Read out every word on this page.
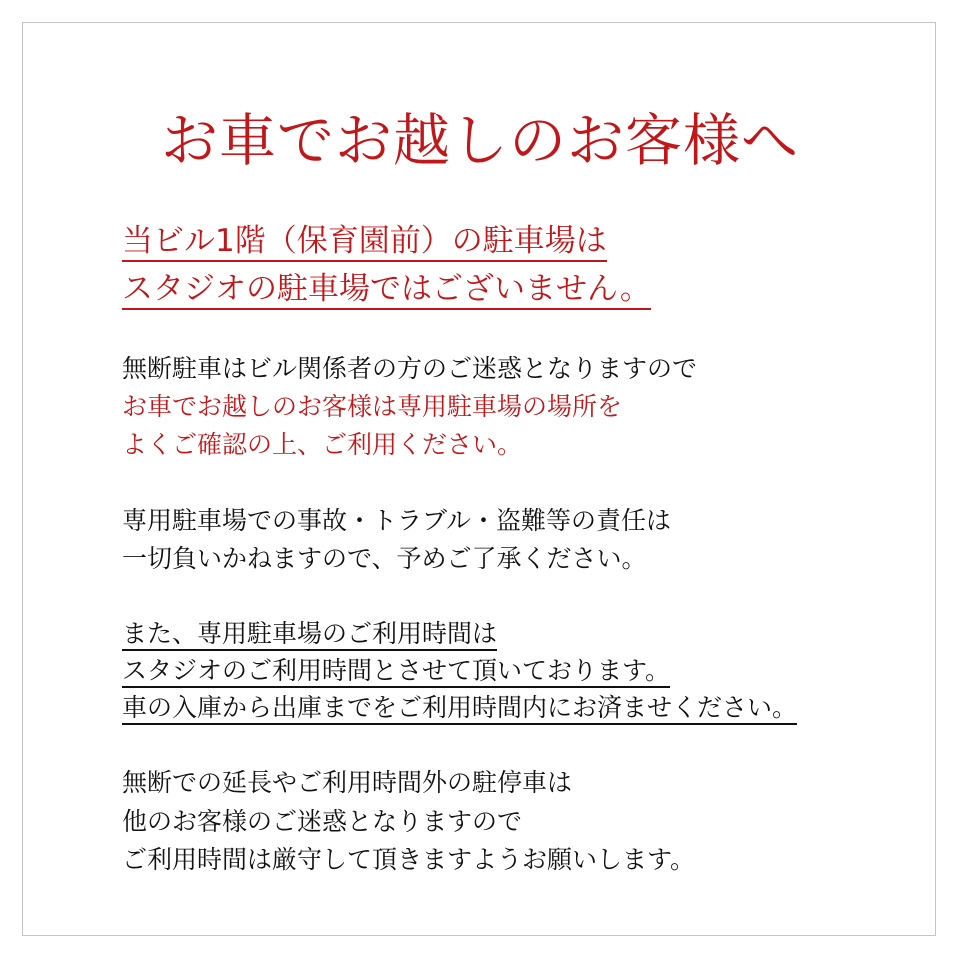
お車でお越しのお客様へ
当ビル1階（保育園前）の駐車場は
スタジオの駐車場ではございません。
無断駐車はビル関係者の方のご迷惑となりますので
お車でお越しのお客様は専用駐車場の場所を
よくご確認の上、ご利用ください。
専用駐車場での事故・トラブル・盗難等の責任は
一切負いかねますので、予めご了承ください。
また、専用駐車場のご利用時間は
スタジオのご利用時間とさせて頂いております。
車の入庫から出庫までをご利用時間内にお済ませください。
無断での延長やご利用時間外の駐停車は
他のお客様のご迷惑となりますので
ご利用時間は厳守して頂きますようお願いします。
